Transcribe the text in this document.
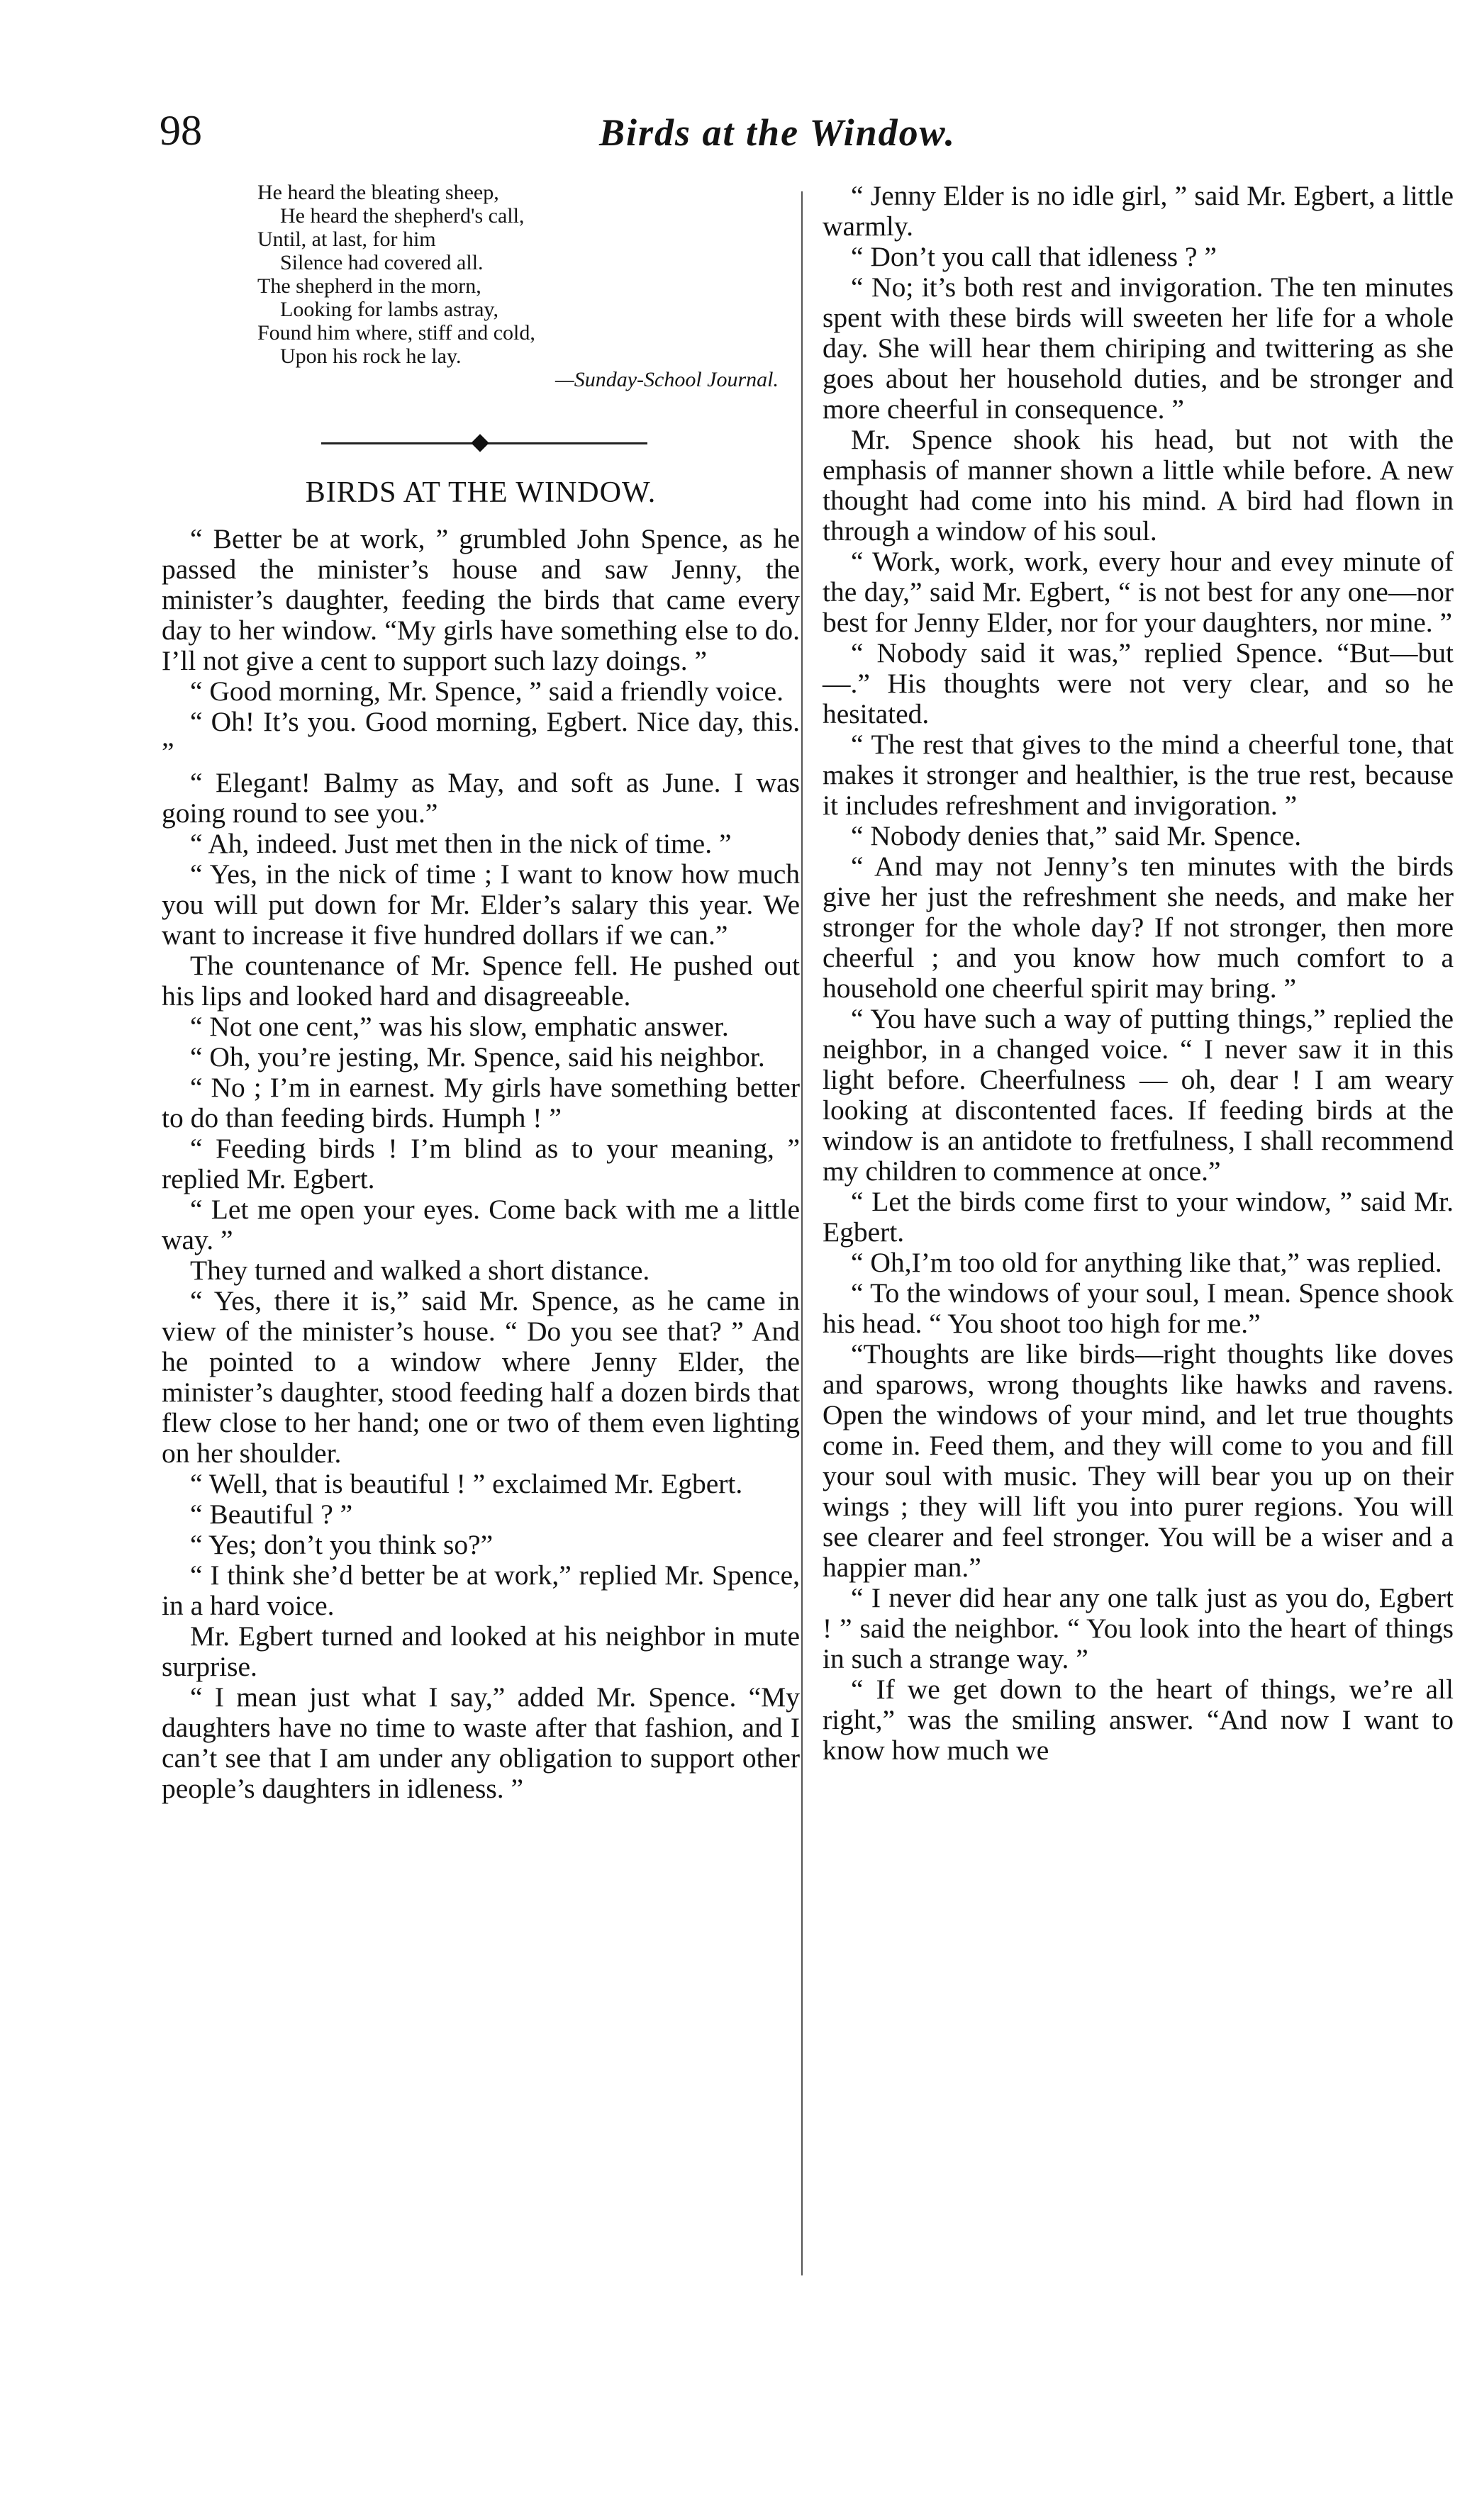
98	Birds at the Window.
He heard the bleating sheep,
He heard the shepherd's call,
Until, at last, for him
Silence had covered all.
The shepherd in the morn,
Looking for lambs astray,
Found him where, stiff and cold,
Upon his rock he lay.
—Sunday-School Journal.
BIRDS AT THE WINDOW.

“ Better be at work, ” grumbled John Spence, as he passed the minister’s house and saw Jenny, the minister’s daughter, feeding the birds that came every day to her window. “My girls have something else to do. I’ll not give a cent to support such lazy doings. ”

“ Good morning, Mr. Spence, ” said a friendly voice.

“ Oh! It’s you. Good morning, Egbert. Nice day, this. ”

“ Elegant! Balmy as May, and soft as June. I was going round to see you.”

“ Ah, indeed. Just met then in the nick of time. ”

“ Yes, in the nick of time ; I want to know how much you will put down for Mr. Elder’s salary this year. We want to increase it five hundred dollars if we can.”

The countenance of Mr. Spence fell. He pushed out his lips and looked hard and disagreeable.

“ Not one cent,” was his slow, emphatic answer.

“ Oh, you’re jesting, Mr. Spence, said his neighbor.

“ No ; I’m in earnest. My girls have something better to do than feeding birds. Humph ! ”

“ Feeding birds ! I’m blind as to your meaning, ” replied Mr. Egbert.

“ Let me open your eyes. Come back with me a little way. ”

They turned and walked a short distance.

“ Yes, there it is,” said Mr. Spence, as he came in view of the minister’s house. “ Do you see that? ” And he pointed to a window where Jenny Elder, the minister’s daughter, stood feeding half a dozen birds that flew close to her hand; one or two of them even lighting on her shoulder.

“ Well, that is beautiful ! ” exclaimed Mr. Egbert.

“ Beautiful ? ”

“ Yes; don’t you think so?”

“ I think she’d better be at work,” replied Mr. Spence, in a hard voice.

Mr. Egbert turned and looked at his neighbor in mute surprise.

“ I mean just what I say,” added Mr. Spence. “My daughters have no time to waste after that fashion, and I can’t see that I am under any obligation to support other people’s daughters in idleness. ”

“ Jenny Elder is no idle girl, ” said Mr. Egbert, a little warmly.

“ Don’t you call that idleness ? ”

“ No; it’s both rest and invigoration. The ten minutes spent with these birds will sweeten her life for a whole day. She will hear them chiriping and twittering as she goes about her household duties, and be stronger and more cheerful in consequence. ”

Mr. Spence shook his head, but not with the emphasis of manner shown a little while before. A new thought had come into his mind. A bird had flown in through a window of his soul.

“ Work, work, work, every hour and evey minute of the day,” said Mr. Egbert, “ is not best for any one—nor best for Jenny Elder, nor for your daughters, nor mine. ”

“ Nobody said it was,” replied Spence. “But—but—.” His thoughts were not very clear, and so he hesitated.

“ The rest that gives to the mind a cheerful tone, that makes it stronger and healthier, is the true rest, because it includes refreshment and invigoration. ”

“ Nobody denies that,” said Mr. Spence.

“ And may not Jenny’s ten minutes with the birds give her just the refreshment she needs, and make her stronger for the whole day? If not stronger, then more cheerful ; and you know how much comfort to a household one cheerful spirit may bring. ”

“ You have such a way of putting things,” replied the neighbor, in a changed voice. “ I never saw it in this light before. Cheerfulness — oh, dear ! I am weary looking at discontented faces. If feeding birds at the window is an antidote to fretfulness, I shall recommend my children to commence at once.”

“ Let the birds come first to your window, ” said Mr. Egbert.

“ Oh,I’m too old for anything like that,” was replied.

“ To the windows of your soul, I mean. Spence shook his head. “ You shoot too high for me.”

“Thoughts are like birds—right thoughts like doves and sparows, wrong thoughts like hawks and ravens. Open the windows of your mind, and let true thoughts come in. Feed them, and they will come to you and fill your soul with music. They will bear you up on their wings ; they will lift you into purer regions. You will see clearer and feel stronger. You will be a wiser and a happier man.”

“ I never did hear any one talk just as you do, Egbert ! ” said the neighbor. “ You look into the heart of things in such a strange way. ”

“ If we get down to the heart of things, we’re all right,” was the smiling answer. “And now I want to know how much we
